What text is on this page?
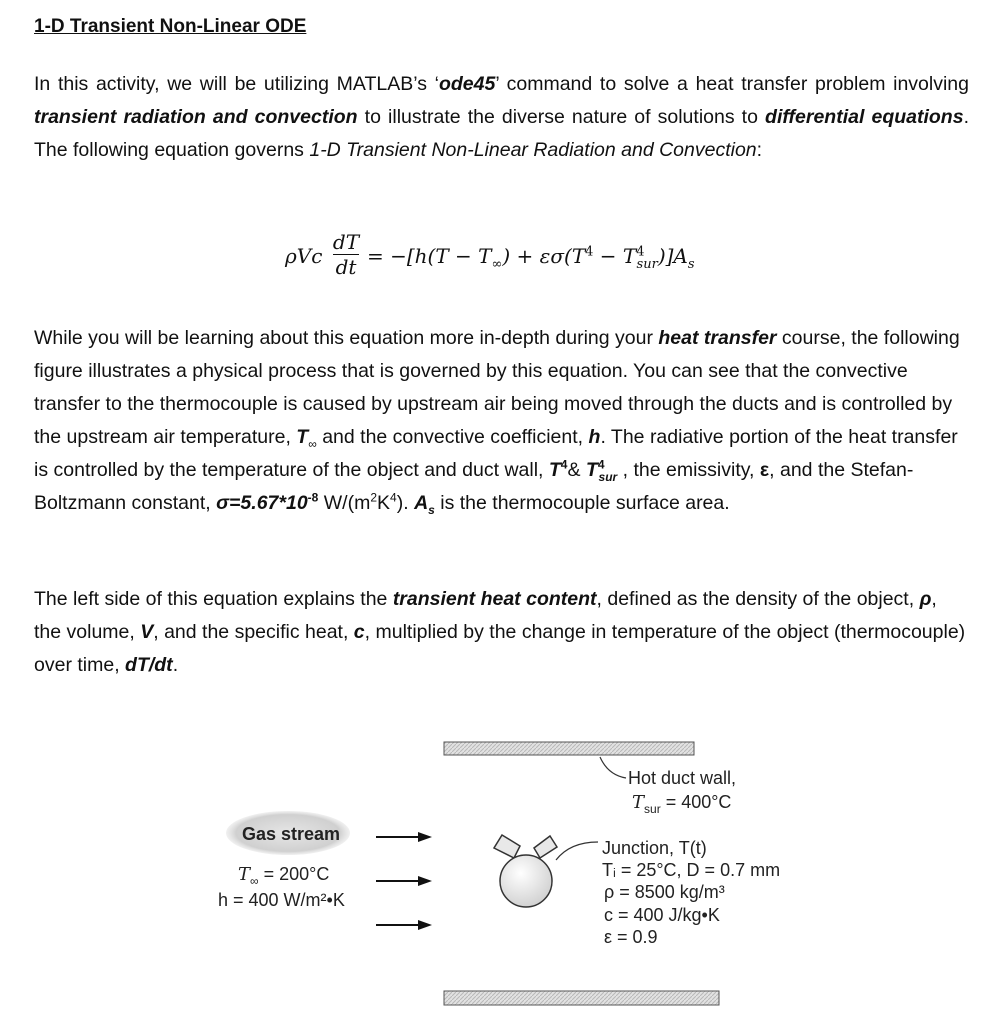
1-D Transient Non-Linear ODE

In this activity, we will be utilizing MATLAB’s ‘ode45’ command to solve a heat transfer problem involving transient radiation and convection to illustrate the diverse nature of solutions to differential equations. The following equation governs 1-D Transient Non-Linear Radiation and Convection:

ρVc
dT
dt = $-[h(T - T_\infty) + \varepsilon\sigma(T^4 - T^4_{sur})]A_s$

While you will be learning about this equation more in-depth during your heat transfer course, the following figure illustrates a physical process that is governed by this equation. You can see that the convective transfer to the thermocouple is caused by upstream air being moved through the ducts and is controlled by the upstream air temperature, $T_\infty$ and the convective coefficient, h. The radiative portion of the heat transfer is controlled by the temperature of the object and duct wall, $T^4\&$ $T^4_{sur}$ , the emissivity, ε, and the Stefan-Boltzmann constant, $\sigma=5.67*10^{-8}$ $W/(m^2K^4)$. $A_s$ is the thermocouple surface area.

The left side of this equation explains the transient heat content, defined as the density of the object, ρ, the volume, V, and the specific heat, c, multiplied by the change in temperature of the object (thermocouple) over time, dT/dt.

Gas stream
$T_\infty = 200^\circ C$
h = 400 W/m²•K
Hot duct wall,
$T_{sur} = 400^\circ C$
Junction, T(t)
Tᵢ = 25°C, D = 0.7 mm
ρ = 8500 kg/m³
c = 400 J/kg•K
ε = 0.9
